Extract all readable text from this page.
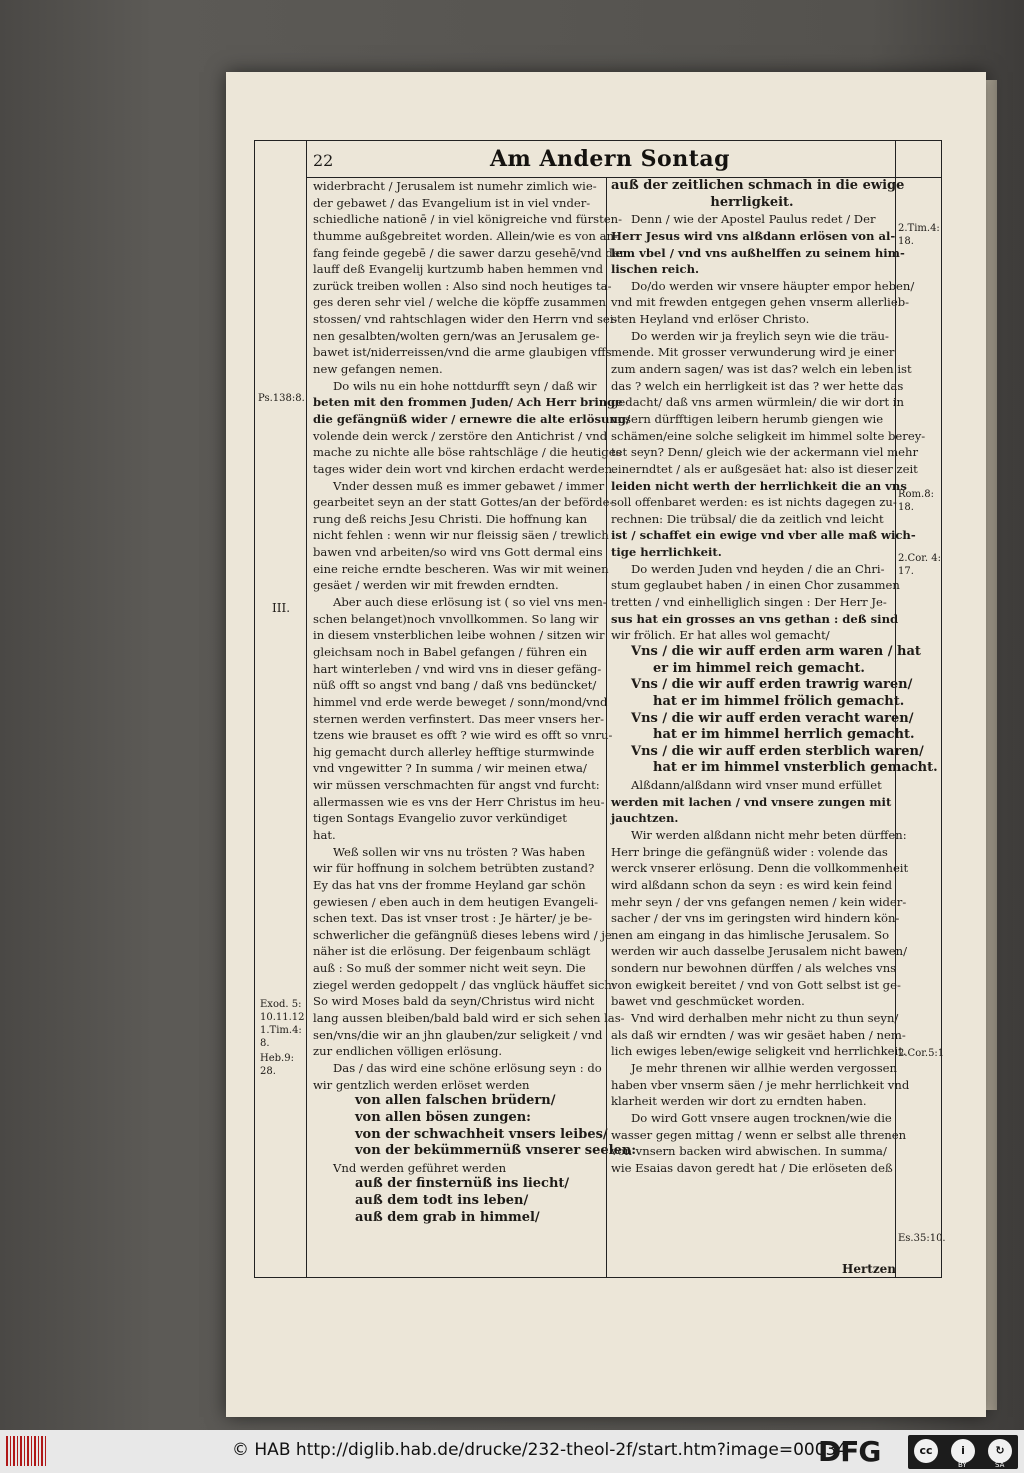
22	Am Andern Sontag
widerbracht / Jerusalem ist numehr zimlich wie-
der gebawet / das Evangelium ist in viel vnder-
schiedliche nationē / in viel königreiche vnd fürsten-
thumme außgebreitet worden. Allein/wie es von an-
fang feinde gegebē / die sawer darzu gesehē/vnd den
lauff deß Evangelij kurtzumb haben hemmen vnd
zurück treiben wollen : Also sind noch heutiges ta-
ges deren sehr viel / welche die köpffe zusammen
stossen/ vnd rahtschlagen wider den Herrn vnd sei-
nen gesalbten/wolten gern/was an Jerusalem ge-
bawet ist/niderreissen/vnd die arme glaubigen vffs
new gefangen nemen.
Do wils nu ein hohe nottdurfft seyn / daß wir
beten mit den frommen Juden/ Ach Herr bringe
die gefängnüß wider / ernewre die alte erlösung/
volende dein werck / zerstöre den Antichrist / vnd
mache zu nichte alle böse rahtschläge / die heutiges
tages wider dein wort vnd kirchen erdacht werden.
Vnder dessen muß es immer gebawet / immer
gearbeitet seyn an der statt Gottes/an der beförde-
rung deß reichs Jesu Christi. Die hoffnung kan
nicht fehlen : wenn wir nur fleissig säen / trewlich
bawen vnd arbeiten/so wird vns Gott dermal eins
eine reiche erndte bescheren. Was wir mit weinen
gesäet / werden wir mit frewden erndten.
Aber auch diese erlösung ist ( so viel vns men-
schen belanget)noch vnvollkommen. So lang wir
in diesem vnsterblichen leibe wohnen / sitzen wir
gleichsam noch in Babel gefangen / führen ein
hart winterleben / vnd wird vns in dieser gefäng-
nüß offt so angst vnd bang / daß vns bedüncket/
himmel vnd erde werde beweget / sonn/mond/vnd
sternen werden verfinstert. Das meer vnsers her-
tzens wie brauset es offt ? wie wird es offt so vnru-
hig gemacht durch allerley hefftige sturmwinde
vnd vngewitter ? In summa / wir meinen etwa/
wir müssen verschmachten für angst vnd furcht:
allermassen wie es vns der Herr Christus im heu-
tigen Sontags Evangelio zuvor verkündiget
hat.
Weß sollen wir vns nu trösten ? Was haben
wir für hoffnung in solchem betrübten zustand?
Ey das hat vns der fromme Heyland gar schön
gewiesen / eben auch in dem heutigen Evangeli-
schen text. Das ist vnser trost : Je härter/ je be-
schwerlicher die gefängnüß dieses lebens wird / je
näher ist die erlösung. Der feigenbaum schlägt
auß : So muß der sommer nicht weit seyn. Die
ziegel werden gedoppelt / das vnglück häuffet sich:
So wird Moses bald da seyn/Christus wird nicht
lang aussen bleiben/bald bald wird er sich sehen las-
sen/vns/die wir an jhn glauben/zur seligkeit / vnd
zur endlichen völligen erlösung.
Das / das wird eine schöne erlösung seyn : do
wir gentzlich werden erlöset werden
von allen falschen brüdern/
von allen bösen zungen:
von der schwachheit vnsers leibes/
von der bekümmernüß vnserer seelen:
Vnd werden geführet werden
auß der finsternüß ins liecht/
auß dem todt ins leben/
auß dem grab in himmel/
auß der zeitlichen schmach in die ewige
herrligkeit.
Denn / wie der Apostel Paulus redet / Der
Herr Jesus wird vns alßdann erlösen von al-
lem vbel / vnd vns außhelffen zu seinem him-
lischen reich.
Do/do werden wir vnsere häupter empor heben/
vnd mit frewden entgegen gehen vnserm allerlieb-
sten Heyland vnd erlöser Christo.
Do werden wir ja freylich seyn wie die träu-
mende. Mit grosser verwunderung wird je einer
zum andern sagen/ was ist das? welch ein leben ist
das ? welch ein herrligkeit ist das ? wer hette das
gedacht/ daß vns armen würmlein/ die wir dort in
vnsern dürfftigen leibern herumb giengen wie
schämen/eine solche seligkeit im himmel solte berey-
tet seyn? Denn/ gleich wie der ackermann viel mehr
einerndtet / als er außgesäet hat: also ist dieser zeit
leiden nicht werth der herrlichkeit die an vns
soll offenbaret werden: es ist nichts dagegen zu-
rechnen: Die trübsal/ die da zeitlich vnd leicht
ist / schaffet ein ewige vnd vber alle maß wich-
tige herrlichkeit.
Do werden Juden vnd heyden / die an Chri-
stum geglaubet haben / in einen Chor zusammen
tretten / vnd einhelliglich singen : Der Herr Je-
sus hat ein grosses an vns gethan : deß sind
wir frölich. Er hat alles wol gemacht/
Vns / die wir auff erden arm waren / hat
er im himmel reich gemacht.
Vns / die wir auff erden trawrig waren/
hat er im himmel frölich gemacht.
Vns / die wir auff erden veracht waren/
hat er im himmel herrlich gemacht.
Vns / die wir auff erden sterblich waren/
hat er im himmel vnsterblich gemacht.
Alßdann/alßdann wird vnser mund erfüllet
werden mit lachen / vnd vnsere zungen mit
jauchtzen.
Wir werden alßdann nicht mehr beten dürffen:
Herr bringe die gefängnüß wider : volende das
werck vnserer erlösung. Denn die vollkommenheit
wird alßdann schon da seyn : es wird kein feind
mehr seyn / der vns gefangen nemen / kein wider-
sacher / der vns im geringsten wird hindern kön-
nen am eingang in das himlische Jerusalem. So
werden wir auch dasselbe Jerusalem nicht bawen/
sondern nur bewohnen dürffen / als welches vns
von ewigkeit bereitet / vnd von Gott selbst ist ge-
bawet vnd geschmücket worden.
Vnd wird derhalben mehr nicht zu thun seyn/
als daß wir erndten / was wir gesäet haben / nem-
lich ewiges leben/ewige seligkeit vnd herrlichkeit.
Je mehr threnen wir allhie werden vergossen
haben vber vnserm säen / je mehr herrlichkeit vnd
klarheit werden wir dort zu erndten haben.
Do wird Gott vnsere augen trocknen/wie die
wasser gegen mittag / wenn er selbst alle threnen
von vnsern backen wird abwischen. In summa/
wie Esaias davon geredt hat / Die erlöseten deß
Ps.138:8.
III.
Exod. 5:
10.11.12
1.Tim.4:
8.
Heb.9:
28.
2.Tim.4:
18.
Rom.8:
18.
2.Cor. 4:
17.
2.Cor.5:1
Es.35:10.
Hertzen
© HAB http://diglib.hab.de/drucke/232-theol-2f/start.htm?image=00034
DFG	cc	i	↻
BY	SA
